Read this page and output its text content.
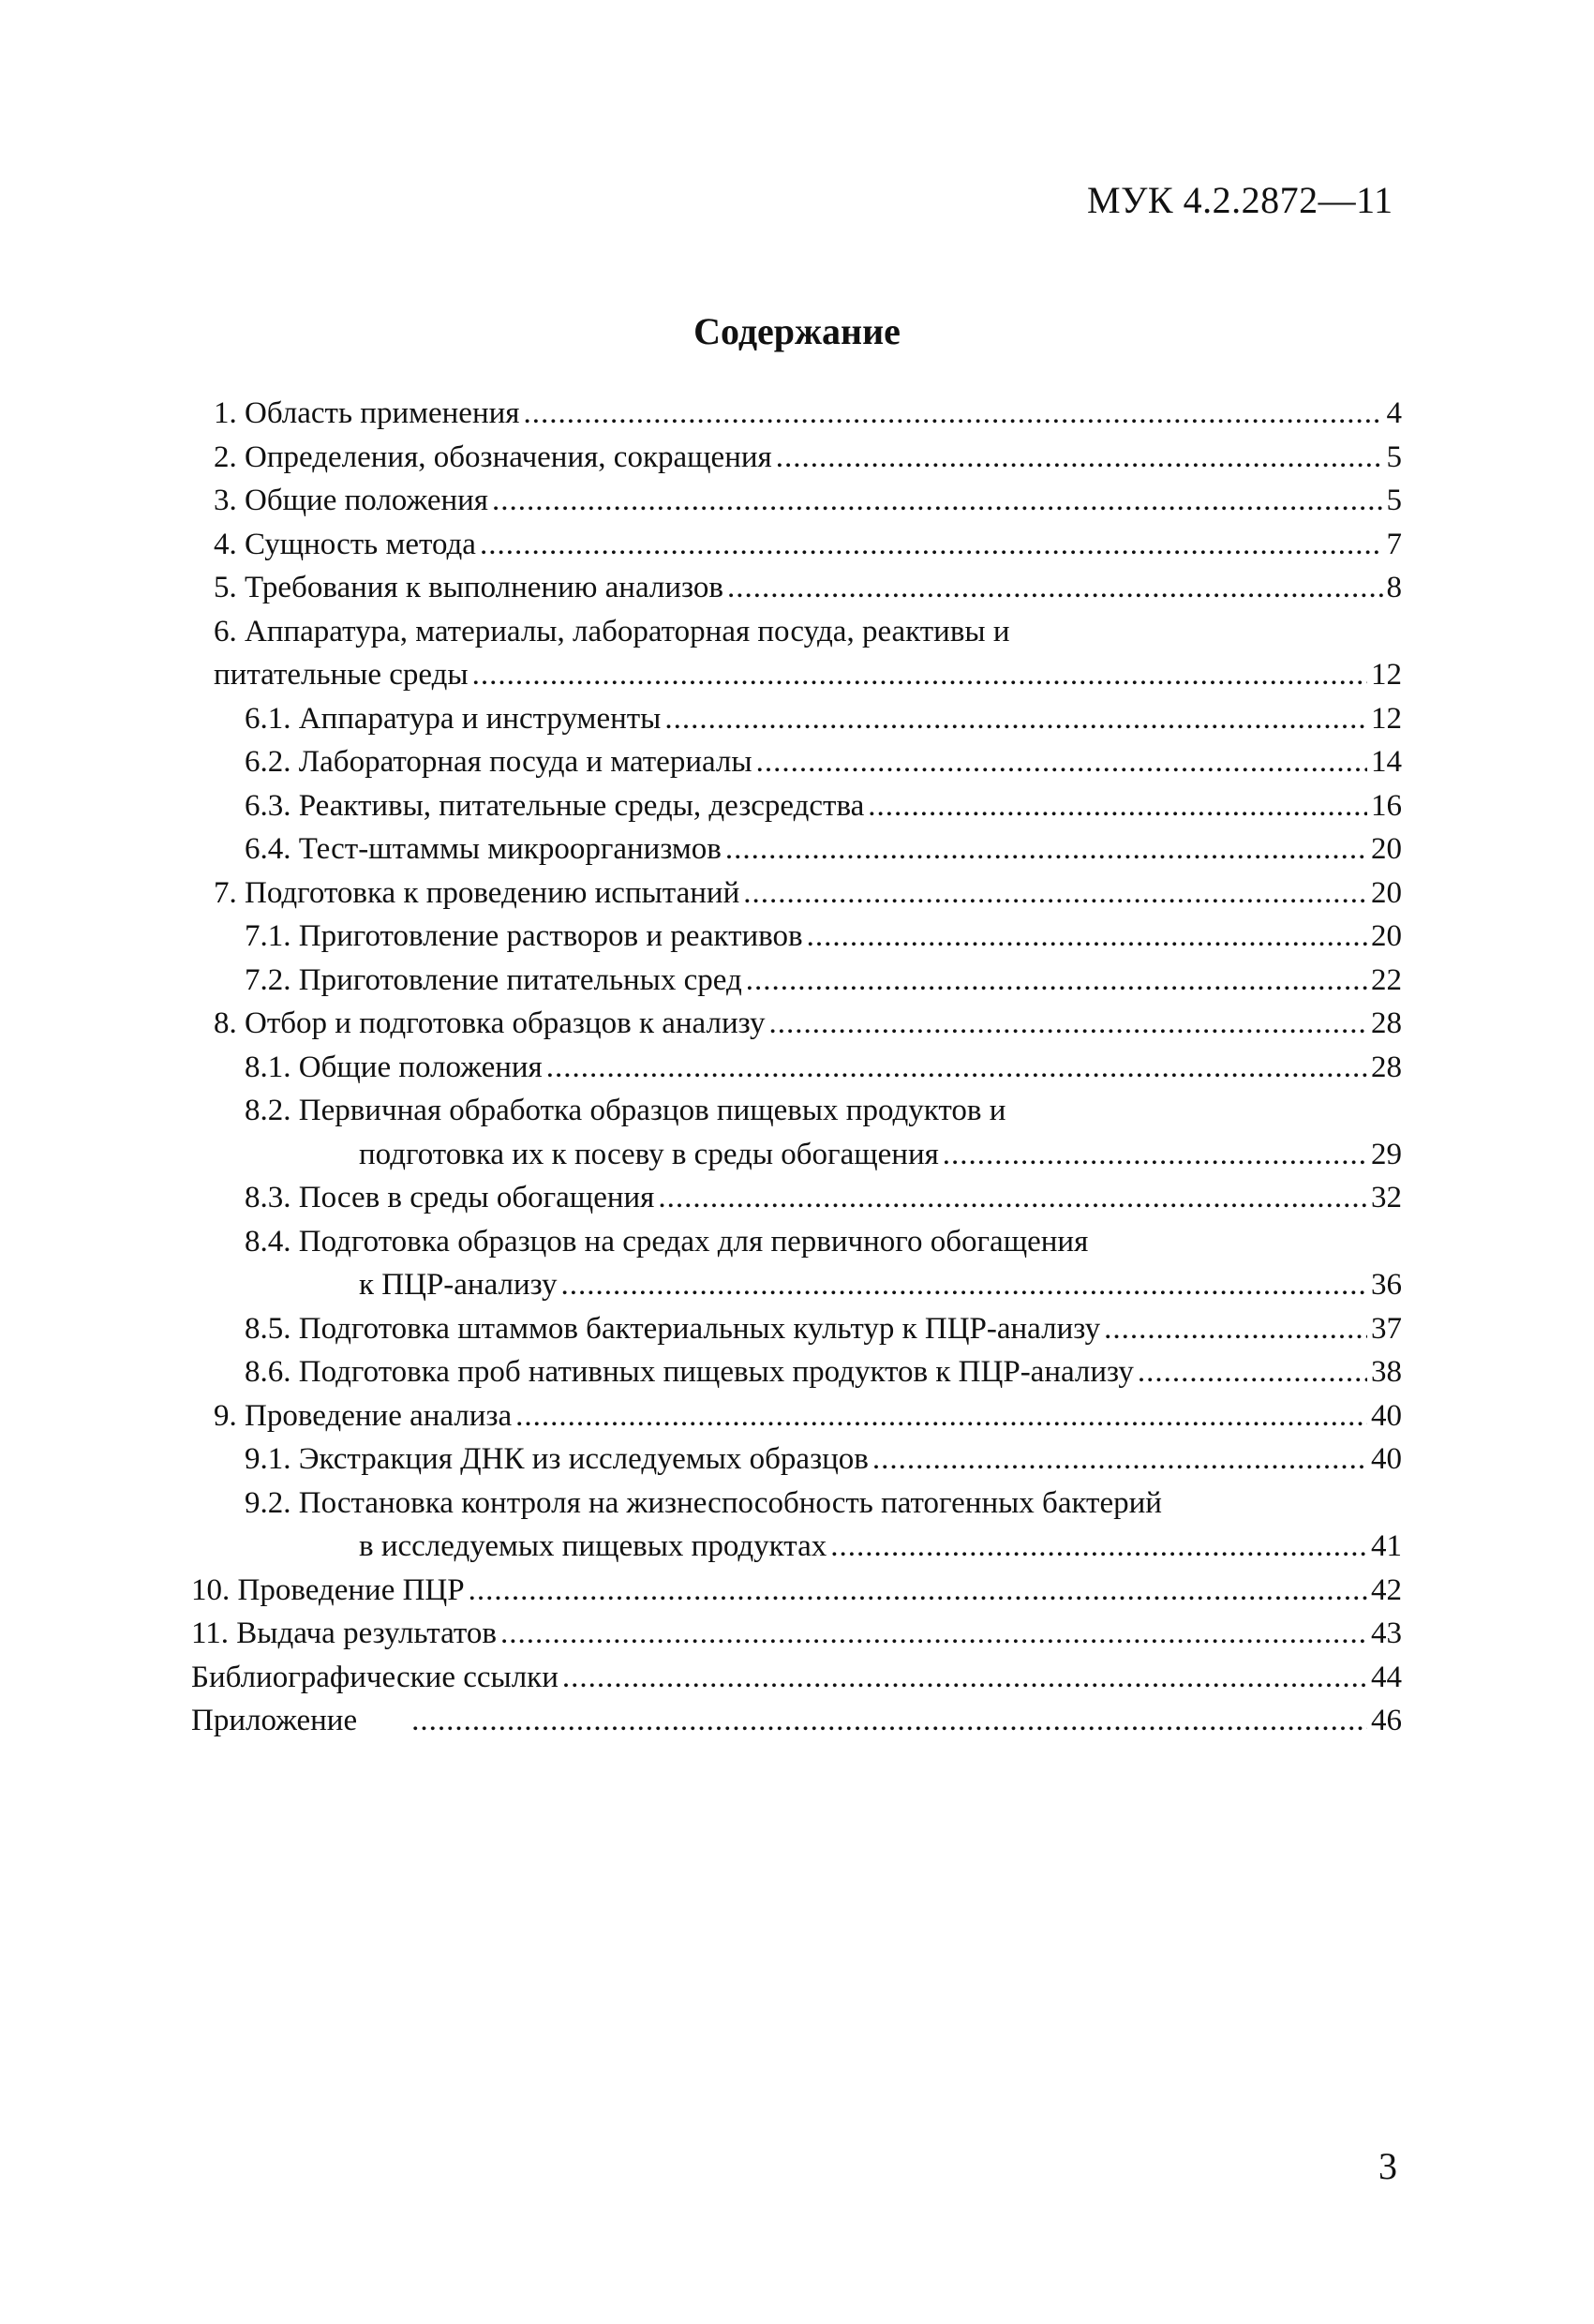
МУК 4.2.2872—11
Содержание
1. Область применения .....	4
2. Определения, обозначения, сокращения .....	5
3. Общие положения .....	5
4. Сущность метода .....	7
5. Требования к выполнению анализов .....	8
6. Аппаратура, материалы, лабораторная посуда, реактивы и
питательные среды .....	12
6.1. Аппаратура и инструменты .....	12
6.2. Лабораторная посуда и материалы .....	14
6.3. Реактивы, питательные среды, дезсредства .....	16
6.4. Тест-штаммы микроорганизмов .....	20
7. Подготовка к проведению испытаний .....	20
7.1. Приготовление растворов и реактивов .....	20
7.2. Приготовление питательных сред .....	22
8. Отбор и подготовка образцов к анализу .....	28
8.1. Общие положения .....	28
8.2. Первичная обработка образцов пищевых продуктов и
подготовка их к посеву в среды обогащения .....	29
8.3. Посев в среды обогащения .....	32
8.4. Подготовка образцов на средах для первичного обогащения
к ПЦР-анализу .....	36
8.5. Подготовка штаммов бактериальных культур к ПЦР-анализу .....	37
8.6. Подготовка проб нативных пищевых продуктов к ПЦР-анализу .....	38
9. Проведение анализа .....	40
9.1. Экстракция ДНК из исследуемых образцов .....	40
9.2. Постановка контроля на жизнеспособность патогенных бактерий
в исследуемых пищевых продуктах .....	41
10. Проведение ПЦР .....	42
11. Выдача результатов .....	43
Библиографические ссылки .....	44
Приложение .....	46
3
